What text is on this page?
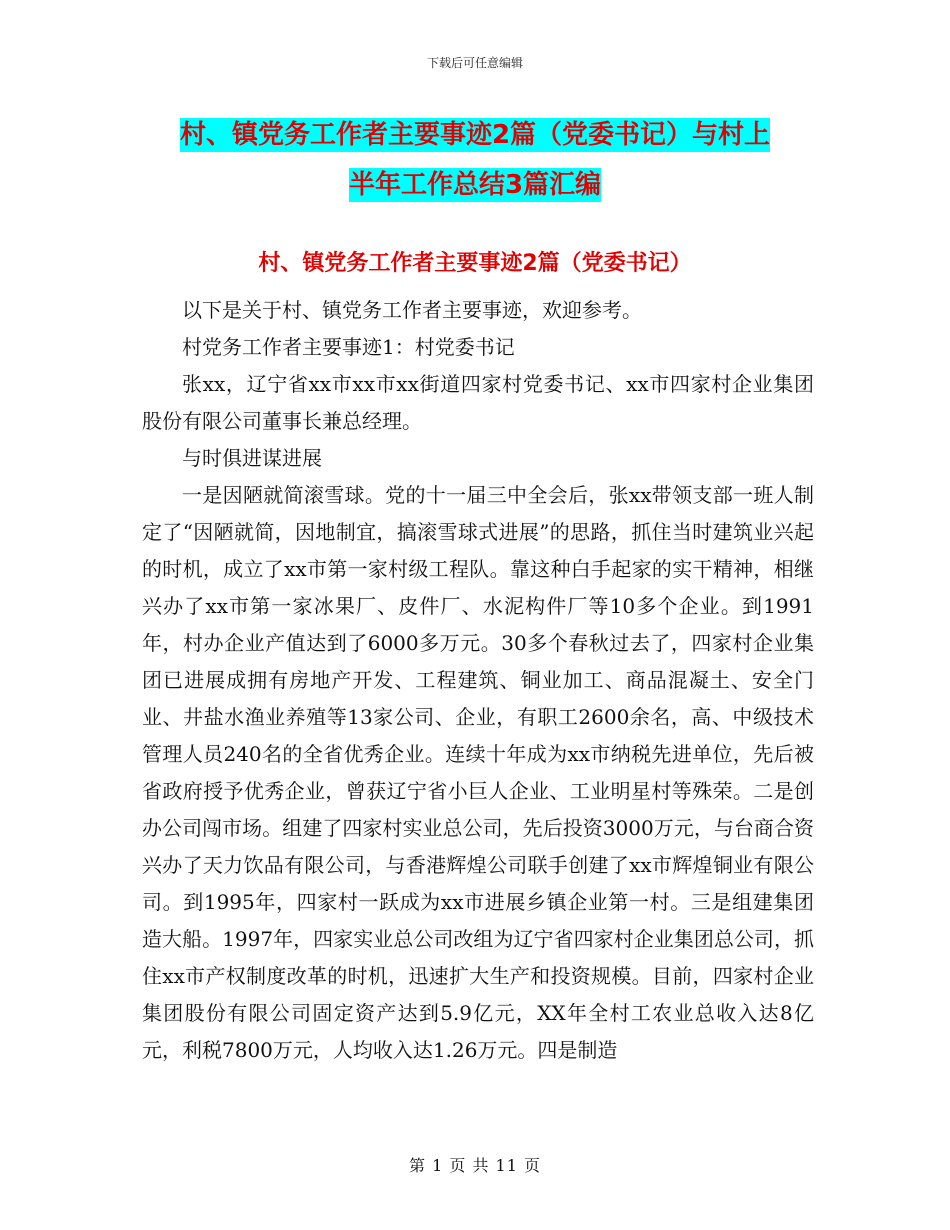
下载后可任意编辑
村、镇党务工作者主要事迹2篇（党委书记）与村上
半年工作总结3篇汇编
村、镇党务工作者主要事迹2篇（党委书记）

以下是关于村、镇党务工作者主要事迹，欢迎参考。

村党务工作者主要事迹1：村党委书记

张xx，辽宁省xx市xx市xx街道四家村党委书记、xx市四家村企业集团股份有限公司董事长兼总经理。

与时俱进谋进展

一是因陋就简滚雪球。党的十一届三中全会后，张xx带领支部一班人制定了“因陋就简，因地制宜，搞滚雪球式进展”的思路，抓住当时建筑业兴起的时机，成立了xx市第一家村级工程队。靠这种白手起家的实干精神，相继兴办了xx市第一家冰果厂、皮件厂、水泥构件厂等10多个企业。到1991年，村办企业产值达到了6000多万元。30多个春秋过去了，四家村企业集团已进展成拥有房地产开发、工程建筑、铜业加工、商品混凝土、安全门业、井盐水渔业养殖等13家公司、企业，有职工2600余名，高、中级技术管理人员240名的全省优秀企业。连续十年成为xx市纳税先进单位，先后被省政府授予优秀企业，曾获辽宁省小巨人企业、工业明星村等殊荣。二是创办公司闯市场。组建了四家村实业总公司，先后投资3000万元，与台商合资兴办了天力饮品有限公司，与香港辉煌公司联手创建了xx市辉煌铜业有限公司。到1995年，四家村一跃成为xx市进展乡镇企业第一村。三是组建集团造大船。1997年，四家实业总公司改组为辽宁省四家村企业集团总公司，抓住xx市产权制度改革的时机，迅速扩大生产和投资规模。目前，四家村企业集团股份有限公司固定资产达到5.9亿元，XX年全村工农业总收入达8亿元，利税7800万元，人均收入达1.26万元。四是制造

第 1 页 共 11 页
